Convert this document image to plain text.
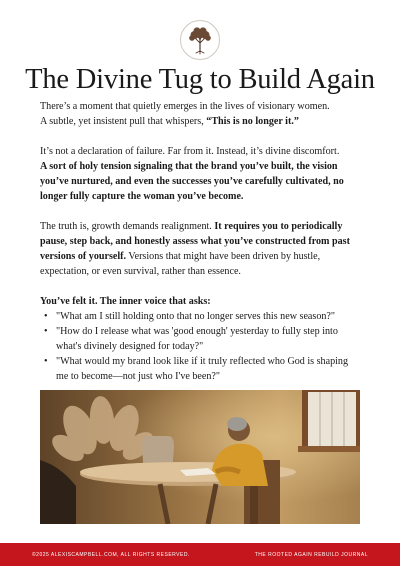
The Divine Tug to Build Again

There’s a moment that quietly emerges in the lives of visionary women.
A subtle, yet insistent pull that whispers, “This is no longer it.”

It’s not a declaration of failure. Far from it. Instead, it’s divine discomfort.
A sort of holy tension signaling that the brand you’ve built, the vision
you’ve nurtured, and even the successes you’ve carefully cultivated, no
longer fully capture the woman you’ve become.

The truth is, growth demands realignment. It requires you to periodically
pause, step back, and honestly assess what you’ve constructed from past
versions of yourself. Versions that might have been driven by hustle,
expectation, or even survival, rather than essence.

You’ve felt it. The inner voice that asks:
• "What am I still holding onto that no longer serves this new season?"
• "How do I release what was 'good enough' yesterday to fully step into
what's divinely designed for today?"
• "What would my brand look like if it truly reflected who God is shaping
me to become—not just who I've been?"
©2025 ALEXISCAMPBELL.COM, ALL RIGHTS RESERVED.	THE ROOTED AGAIN REBUILD JOURNAL
